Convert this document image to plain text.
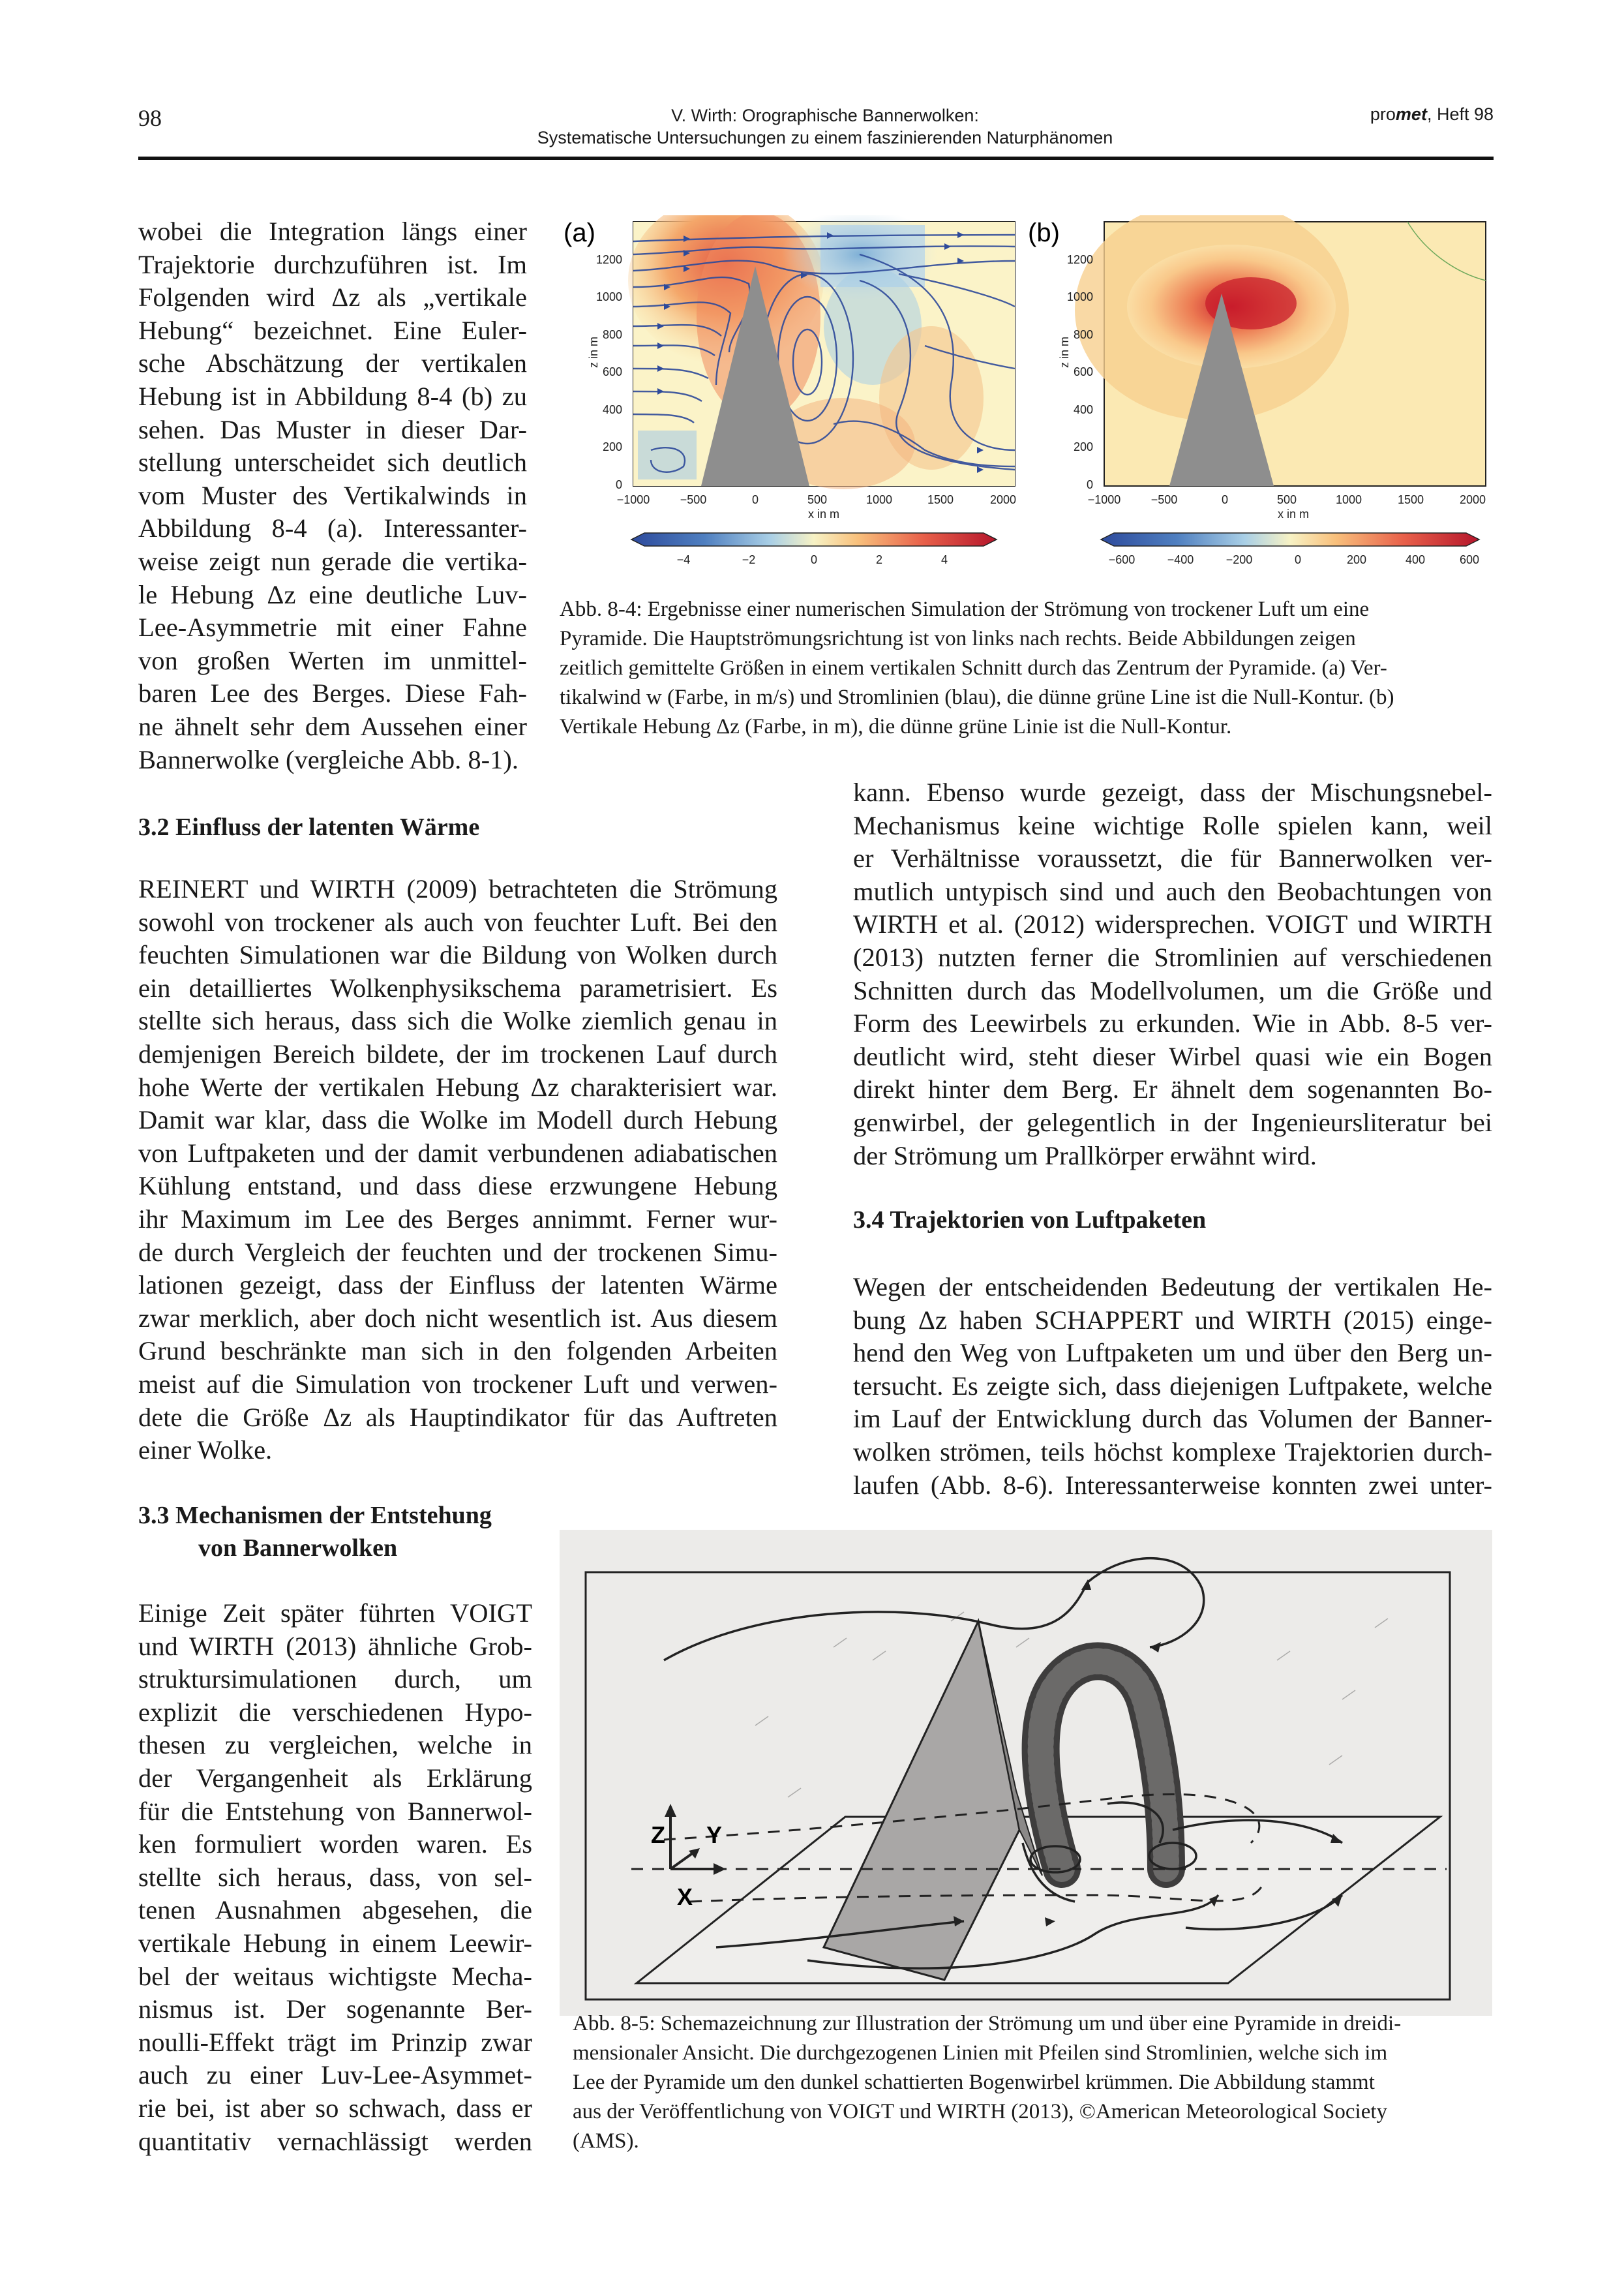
98	V. Wirth: Orographische Bannerwolken:
Systematische Untersuchungen zu einem faszinierenden Naturphänomen
promet, Heft 98
wobei die Integration längs einer
Trajektorie durchzuführen ist. Im
Folgenden wird Δz als „vertikale
Hebung“ bezeichnet. Eine Euler-
sche Abschätzung der vertikalen
Hebung ist in Abbildung 8-4 (b) zu
sehen. Das Muster in dieser Dar-
stellung unterscheidet sich deutlich
vom Muster des Vertikalwinds in
Abbildung 8-4 (a). Interessanter-
weise zeigt nun gerade die vertika-
le Hebung Δz eine deutliche Luv-
Lee-Asymmetrie mit einer Fahne
von großen Werten im unmittel-
baren Lee des Berges. Diese Fah-
ne ähnelt sehr dem Aussehen einer
Bannerwolke (vergleiche Abb. 8-1).
3.2 Einfluss der latenten Wärme
REINERT und WIRTH (2009) betrachteten die Strömung
sowohl von trockener als auch von feuchter Luft. Bei den
feuchten Simulationen war die Bildung von Wolken durch
ein detailliertes Wolkenphysikschema parametrisiert. Es
stellte sich heraus, dass sich die Wolke ziemlich genau in
demjenigen Bereich bildete, der im trockenen Lauf durch
hohe Werte der vertikalen Hebung Δz charakterisiert war.
Damit war klar, dass die Wolke im Modell durch Hebung
von Luftpaketen und der damit verbundenen adiabatischen
Kühlung entstand, und dass diese erzwungene Hebung
ihr Maximum im Lee des Berges annimmt. Ferner wur-
de durch Vergleich der feuchten und der trockenen Simu-
lationen gezeigt, dass der Einfluss der latenten Wärme
zwar merklich, aber doch nicht wesentlich ist. Aus diesem
Grund beschränkte man sich in den folgenden Arbeiten
meist auf die Simulation von trockener Luft und verwen-
dete die Größe Δz als Hauptindikator für das Auftreten
einer Wolke.
3.3 Mechanismen der Entstehung
von Bannerwolken
Einige Zeit später führten VOIGT
und WIRTH (2013) ähnliche Grob-
struktursimulationen durch, um
explizit die verschiedenen Hypo-
thesen zu vergleichen, welche in
der Vergangenheit als Erklärung
für die Entstehung von Bannerwol-
ken formuliert worden waren. Es
stellte sich heraus, dass, von sel-
tenen Ausnahmen abgesehen, die
vertikale Hebung in einem Leewir-
bel der weitaus wichtigste Mecha-
nismus ist. Der sogenannte Ber-
noulli-Effekt trägt im Prinzip zwar
auch zu einer Luv-Lee-Asymmet-
rie bei, ist aber so schwach, dass er
quantitativ vernachlässigt werden
kann. Ebenso wurde gezeigt, dass der Mischungsnebel-
Mechanismus keine wichtige Rolle spielen kann, weil
er Verhältnisse voraussetzt, die für Bannerwolken ver-
mutlich untypisch sind und auch den Beobachtungen von
WIRTH et al. (2012) widersprechen. VOIGT und WIRTH
(2013) nutzten ferner die Stromlinien auf verschiedenen
Schnitten durch das Modellvolumen, um die Größe und
Form des Leewirbels zu erkunden. Wie in Abb. 8-5 ver-
deutlicht wird, steht dieser Wirbel quasi wie ein Bogen
direkt hinter dem Berg. Er ähnelt dem sogenannten Bo-
genwirbel, der gelegentlich in der Ingenieursliteratur bei
der Strömung um Prallkörper erwähnt wird.
3.4 Trajektorien von Luftpaketen
Wegen der entscheidenden Bedeutung der vertikalen He-
bung Δz haben SCHAPPERT und WIRTH (2015) einge-
hend den Weg von Luftpaketen um und über den Berg un-
tersucht. Es zeigte sich, dass diejenigen Luftpakete, welche
im Lauf der Entwicklung durch das Volumen der Banner-
wolken strömen, teils höchst komplexe Trajektorien durch-
laufen (Abb. 8-6). Interessanterweise konnten zwei unter-
(a)
0
200
400
600
800
1000
1200
z in m
−1000	−500	0	500	1000	1500	2000
x in m
−4	−2	0	2	4
(b)
0
200
400
600
800
1000
1200
z in m
−1000	−500	0	500	1000	1500	2000
x in m
−600	−400	−200	0	200	400	600
Abb. 8-4: Ergebnisse einer numerischen Simulation der Strömung von trockener Luft um eine
Pyramide. Die Hauptströmungsrichtung ist von links nach rechts. Beide Abbildungen zeigen
zeitlich gemittelte Größen in einem vertikalen Schnitt durch das Zentrum der Pyramide. (a) Ver-
tikalwind w (Farbe, in m/s) und Stromlinien (blau), die dünne grüne Line ist die Null-Kontur. (b)
Vertikale Hebung Δz (Farbe, in m), die dünne grüne Linie ist die Null-Kontur.
Z Y
X
Abb. 8-5: Schemazeichnung zur Illustration der Strömung um und über eine Pyramide in dreidi-
mensionaler Ansicht. Die durchgezogenen Linien mit Pfeilen sind Stromlinien, welche sich im
Lee der Pyramide um den dunkel schattierten Bogenwirbel krümmen. Die Abbildung stammt
aus der Veröffentlichung von VOIGT und WIRTH (2013), ©American Meteorological Society
(AMS).
